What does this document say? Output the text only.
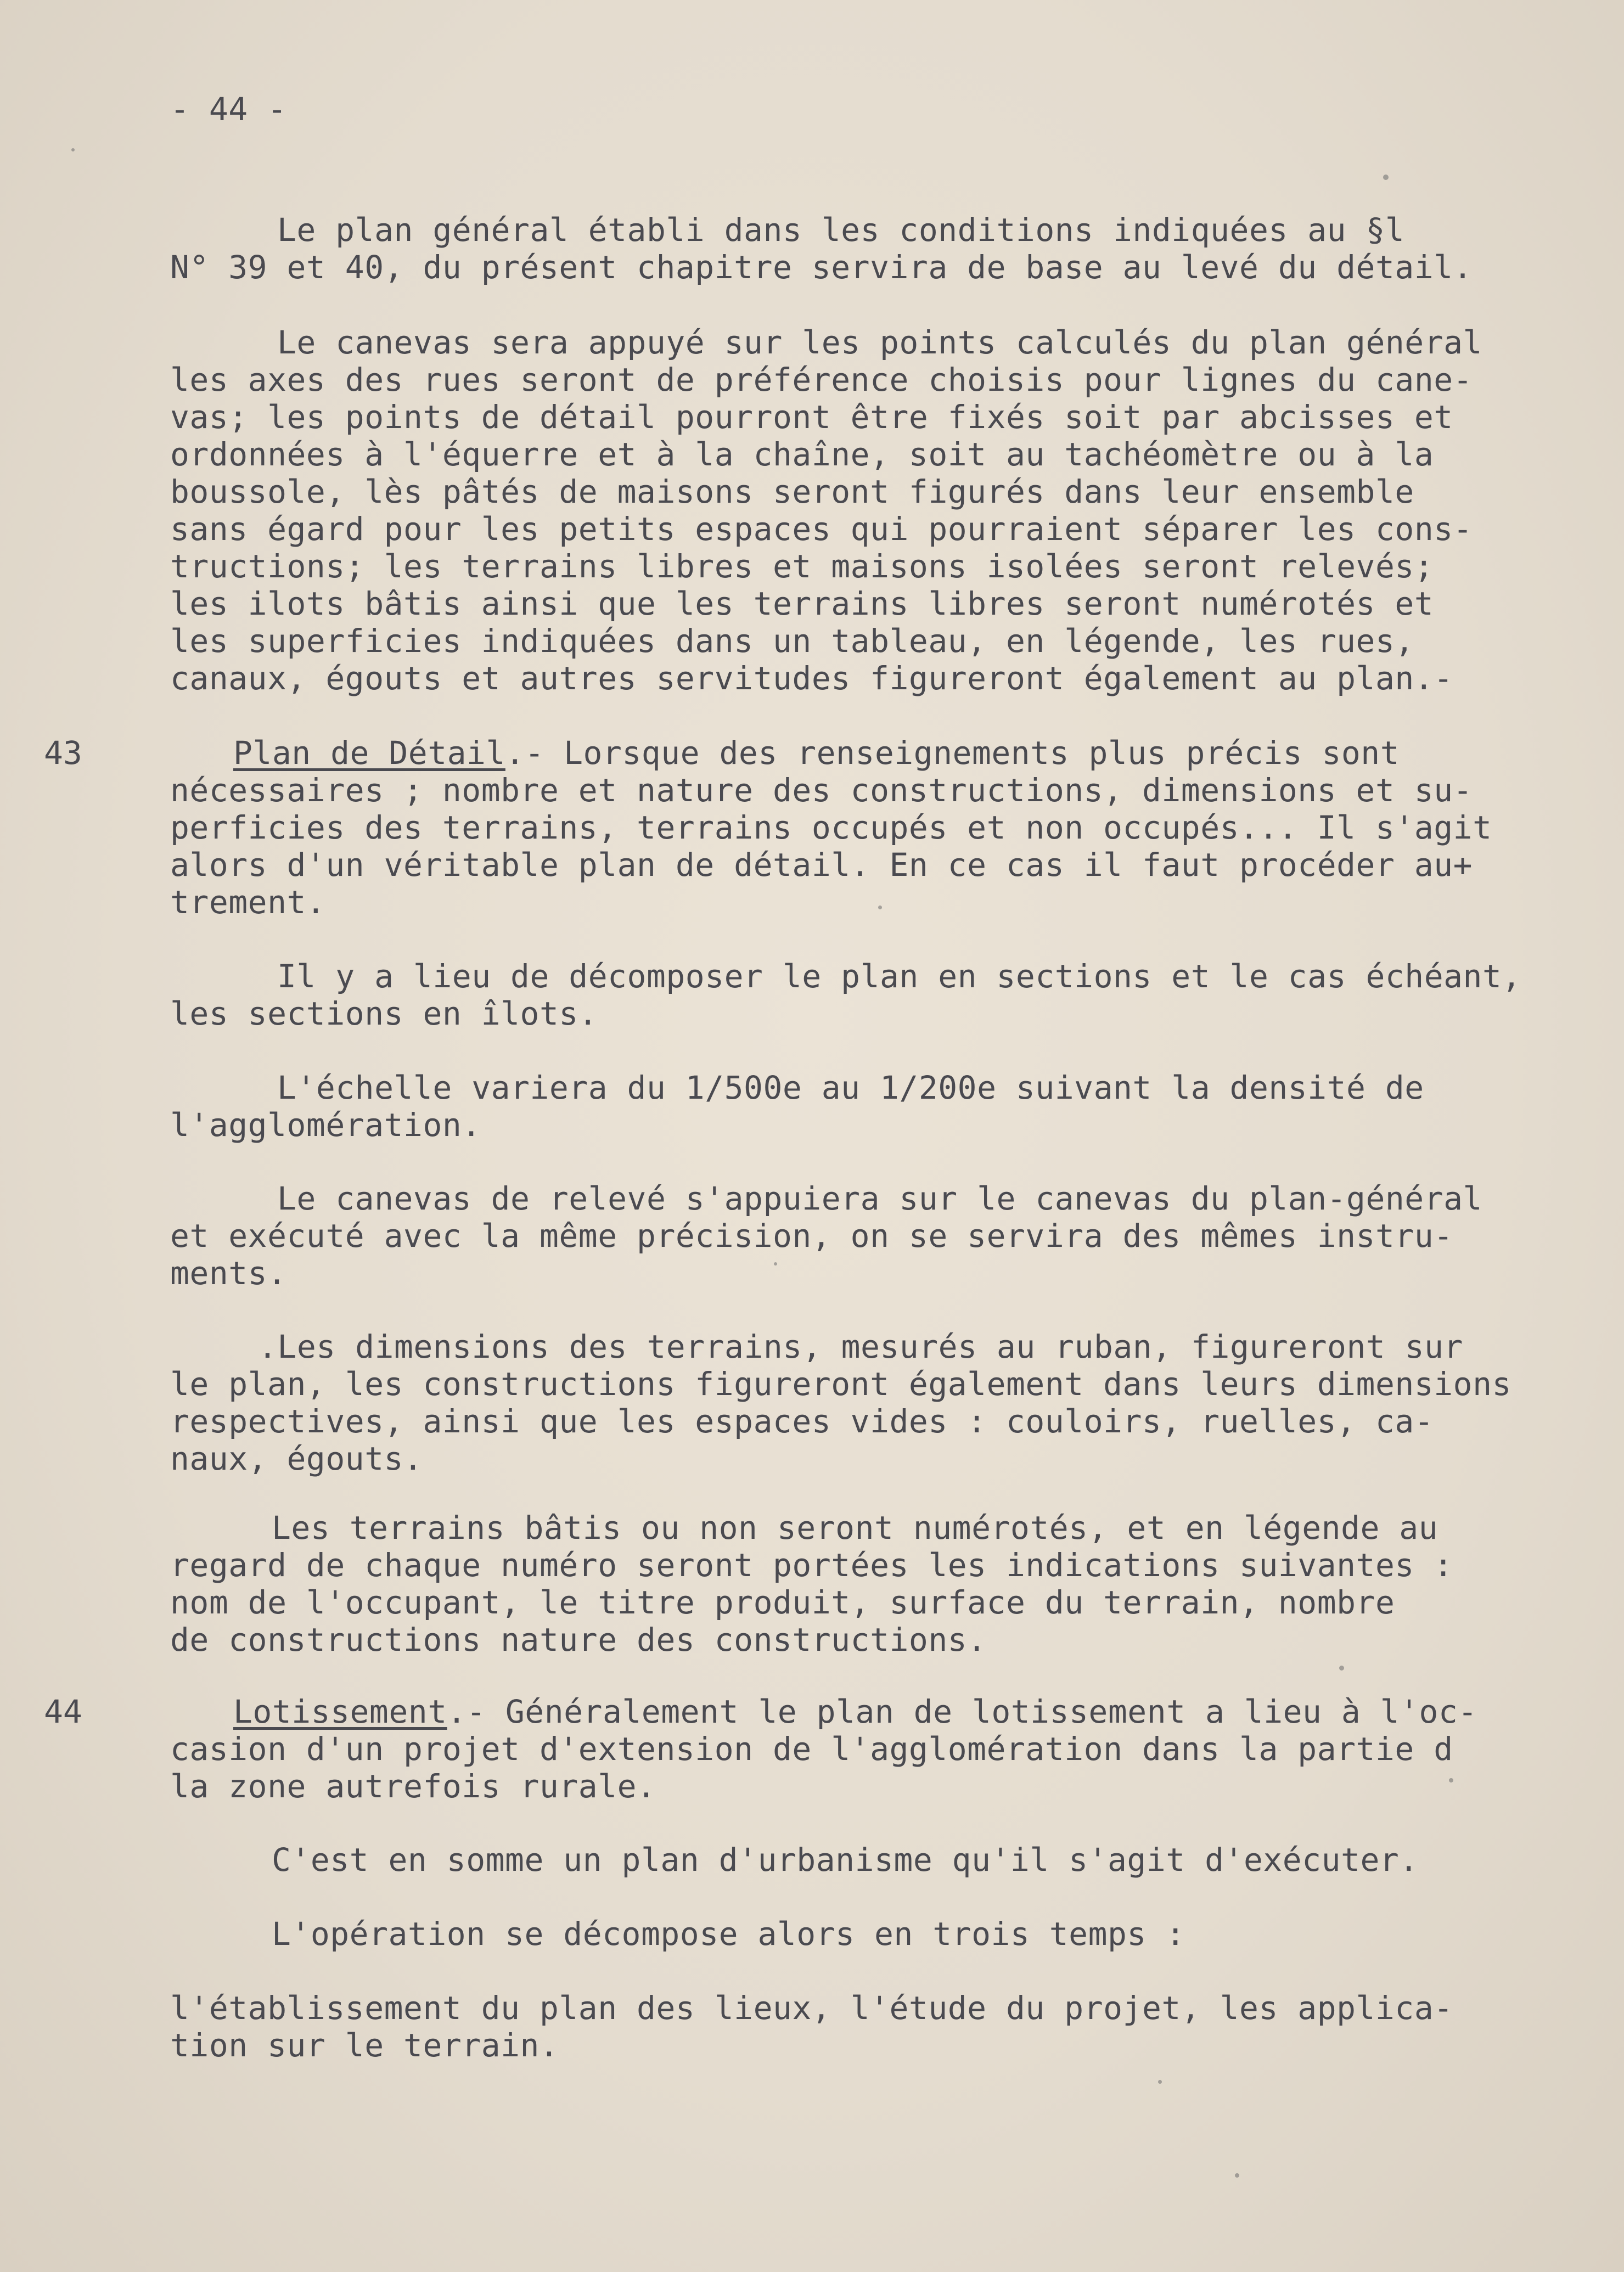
- 44 -
Le plan général établi dans les conditions indiquées au §l
N° 39 et 40, du présent chapitre servira de base au levé du détail.
Le canevas sera appuyé sur les points calculés du plan général
les axes des rues seront de préférence choisis pour lignes du cane-
vas; les points de détail pourront être fixés soit par abcisses et
ordonnées à l'équerre et à la chaîne, soit au tachéomètre ou à la
boussole, lès pâtés de maisons seront figurés dans leur ensemble
sans égard pour les petits espaces qui pourraient séparer les cons-
tructions; les terrains libres et maisons isolées seront relevés;
les ilots bâtis ainsi que les terrains libres seront numérotés et
les superficies indiquées dans un tableau, en légende, les rues,
canaux, égouts et autres servitudes figureront également au plan.-
43	Plan de Détail.- Lorsque des renseignements plus précis sont
nécessaires ; nombre et nature des constructions, dimensions et su-
perficies des terrains, terrains occupés et non occupés... Il s'agit
alors d'un véritable plan de détail. En ce cas il faut procéder au+
trement.
Il y a lieu de décomposer le plan en sections et le cas échéant,
les sections en îlots.
L'échelle variera du 1/500e au 1/200e suivant la densité de
l'agglomération.
Le canevas de relevé s'appuiera sur le canevas du plan-général
et exécuté avec la même précision, on se servira des mêmes instru-
ments.
.Les dimensions des terrains, mesurés au ruban, figureront sur
le plan, les constructions figureront également dans leurs dimensions
respectives, ainsi que les espaces vides : couloirs, ruelles, ca-
naux, égouts.
Les terrains bâtis ou non seront numérotés, et en légende au
regard de chaque numéro seront portées les indications suivantes :
nom de l'occupant, le titre produit, surface du terrain, nombre
de constructions nature des constructions.
44	Lotissement.- Généralement le plan de lotissement a lieu à l'oc-
casion d'un projet d'extension de l'agglomération dans la partie d
la zone autrefois rurale.
C'est en somme un plan d'urbanisme qu'il s'agit d'exécuter.
L'opération se décompose alors en trois temps :
l'établissement du plan des lieux, l'étude du projet, les applica-
tion sur le terrain.
